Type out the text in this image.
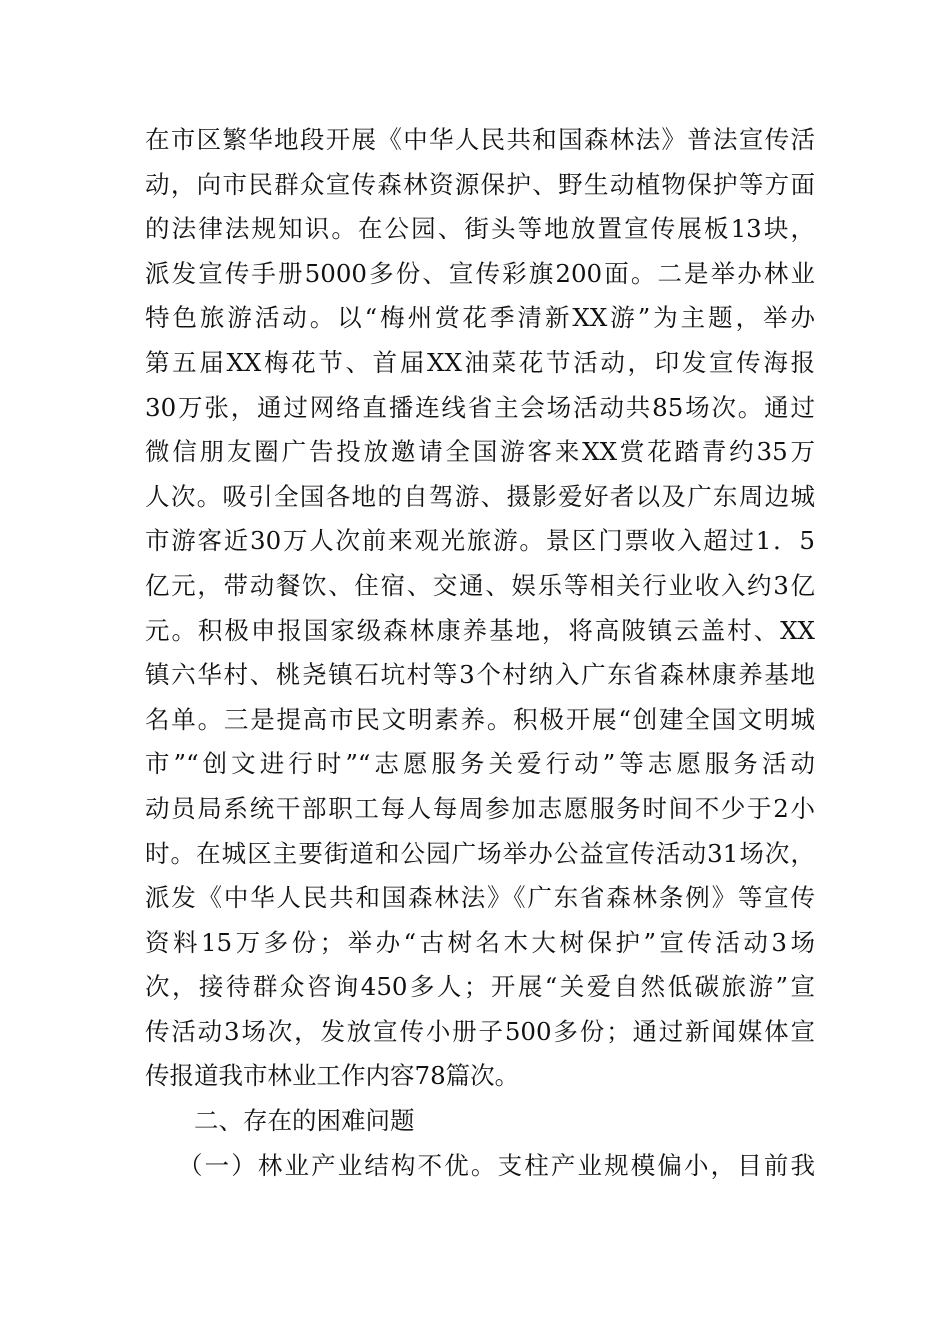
在市区繁华地段开展《中华人民共和国森林法》普法宣传活
动，向市民群众宣传森林资源保护、野生动植物保护等方面
的法律法规知识。在公园、街头等地放置宣传展板13块，
派发宣传手册5000多份、宣传彩旗200面。二是举办林业
特色旅游活动。以“梅州赏花季清新XX游”为主题，举办
第五届XX梅花节、首届XX油菜花节活动，印发宣传海报
30万张，通过网络直播连线省主会场活动共85场次。通过
微信朋友圈广告投放邀请全国游客来XX赏花踏青约35万
人次。吸引全国各地的自驾游、摄影爱好者以及广东周边城
市游客近30万人次前来观光旅游。景区门票收入超过1．5
亿元，带动餐饮、住宿、交通、娱乐等相关行业收入约3亿
元。积极申报国家级森林康养基地，将高陂镇云盖村、XX
镇六华村、桃尧镇石坑村等3个村纳入广东省森林康养基地
名单。三是提高市民文明素养。积极开展“创建全国文明城
市”“创文进行时”“志愿服务关爱行动”等志愿服务活动
动员局系统干部职工每人每周参加志愿服务时间不少于2小
时。在城区主要街道和公园广场举办公益宣传活动31场次，
派发《中华人民共和国森林法》《广东省森林条例》等宣传
资料15万多份；举办“古树名木大树保护”宣传活动3场
次，接待群众咨询450多人；开展“关爱自然低碳旅游”宣
传活动3场次，发放宣传小册子500多份；通过新闻媒体宣
传报道我市林业工作内容78篇次。
二、存在的困难问题
（一）林业产业结构不优。支柱产业规模偏小，目前我
